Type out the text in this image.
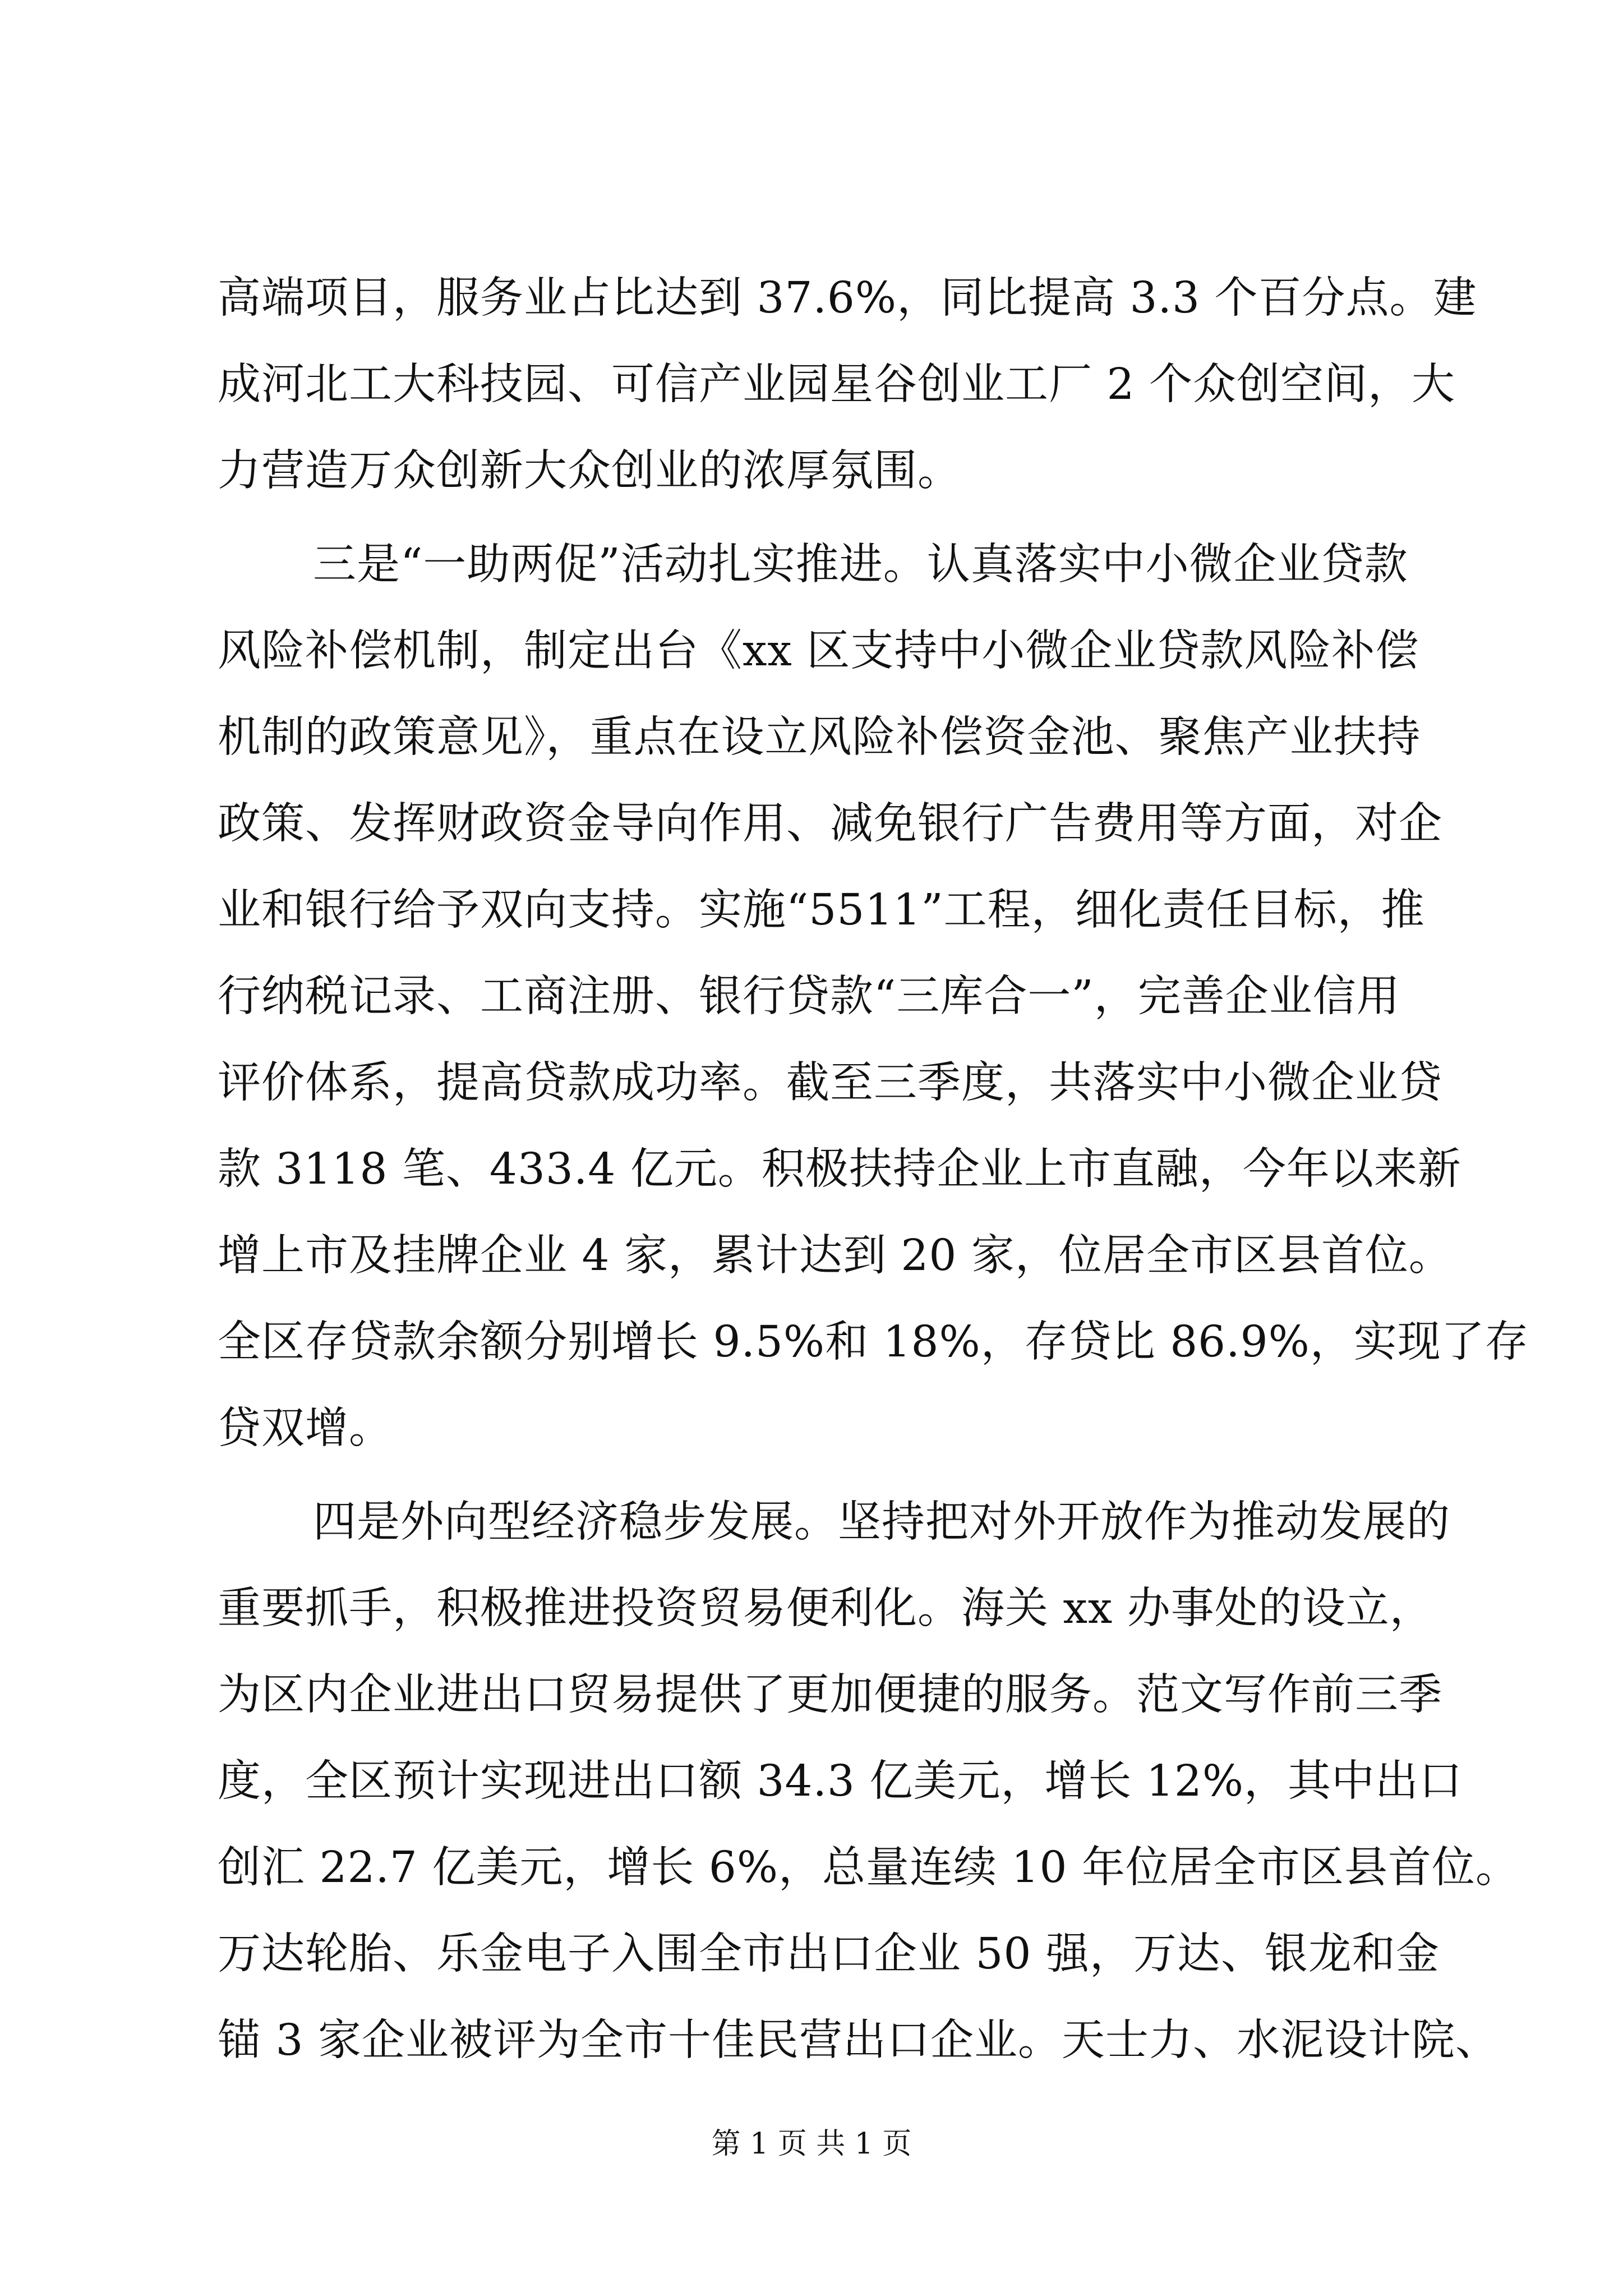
高端项目，服务业占比达到 37.6%，同比提高 3.3 个百分点。建
成河北工大科技园、可信产业园星谷创业工厂 2 个众创空间，大
力营造万众创新大众创业的浓厚氛围。
三是“一助两促”活动扎实推进。认真落实中小微企业贷款
风险补偿机制，制定出台《xx 区支持中小微企业贷款风险补偿
机制的政策意见》，重点在设立风险补偿资金池、聚焦产业扶持
政策、发挥财政资金导向作用、减免银行广告费用等方面，对企
业和银行给予双向支持。实施“5511”工程，细化责任目标，推
行纳税记录、工商注册、银行贷款“三库合一”，完善企业信用
评价体系，提高贷款成功率。截至三季度，共落实中小微企业贷
款 3118 笔、433.4 亿元。积极扶持企业上市直融，今年以来新
增上市及挂牌企业 4 家，累计达到 20 家，位居全市区县首位。
全区存贷款余额分别增长 9.5%和 18%，存贷比 86.9%，实现了存
贷双增。
四是外向型经济稳步发展。坚持把对外开放作为推动发展的
重要抓手，积极推进投资贸易便利化。海关 xx 办事处的设立，
为区内企业进出口贸易提供了更加便捷的服务。范文写作前三季
度，全区预计实现进出口额 34.3 亿美元，增长 12%，其中出口
创汇 22.7 亿美元，增长 6%，总量连续 10 年位居全市区县首位。
万达轮胎、乐金电子入围全市出口企业 50 强，万达、银龙和金
锚 3 家企业被评为全市十佳民营出口企业。天士力、水泥设计院、
第 1 页 共 1 页
